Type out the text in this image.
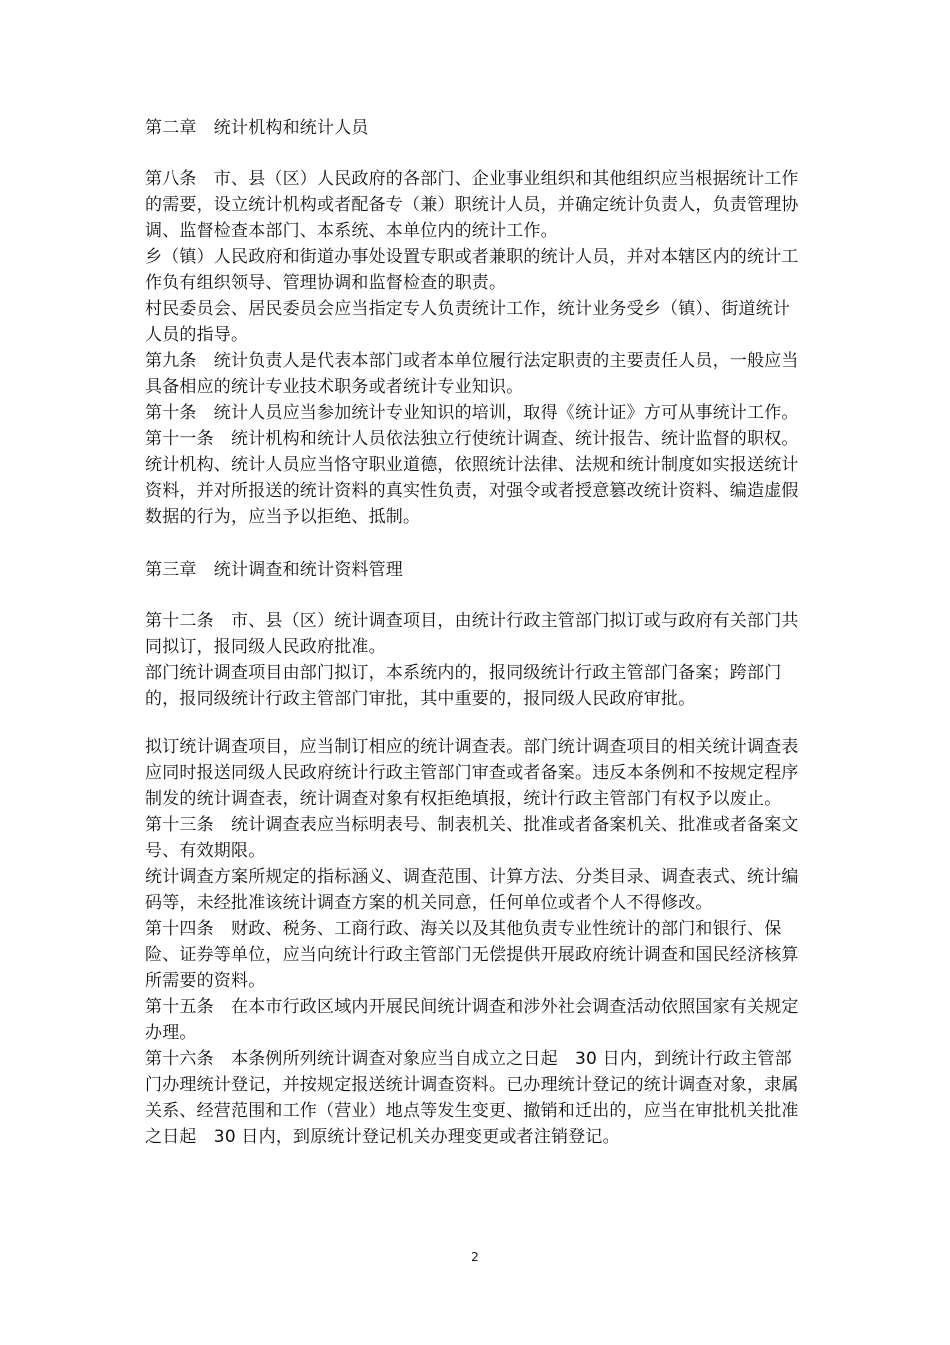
第二章　统计机构和统计人员

第八条　市、县（区）人民政府的各部门、企业事业组织和其他组织应当根据统计工作的需要，设立统计机构或者配备专（兼）职统计人员，并确定统计负责人，负责管理协调、监督检查本部门、本系统、本单位内的统计工作。

乡（镇）人民政府和街道办事处设置专职或者兼职的统计人员，并对本辖区内的统计工作负有组织领导、管理协调和监督检查的职责。

村民委员会、居民委员会应当指定专人负责统计工作，统计业务受乡（镇）、街道统计人员的指导。

第九条　统计负责人是代表本部门或者本单位履行法定职责的主要责任人员，一般应当具备相应的统计专业技术职务或者统计专业知识。

第十条　统计人员应当参加统计专业知识的培训，取得《统计证》方可从事统计工作。

第十一条　统计机构和统计人员依法独立行使统计调查、统计报告、统计监督的职权。

统计机构、统计人员应当恪守职业道德，依照统计法律、法规和统计制度如实报送统计资料，并对所报送的统计资料的真实性负责，对强令或者授意篡改统计资料、编造虚假数据的行为，应当予以拒绝、抵制。

第三章　统计调查和统计资料管理

第十二条　市、县（区）统计调查项目，由统计行政主管部门拟订或与政府有关部门共同拟订，报同级人民政府批准。

部门统计调查项目由部门拟订，本系统内的，报同级统计行政主管部门备案；跨部门的，报同级统计行政主管部门审批，其中重要的，报同级人民政府审批。

拟订统计调查项目，应当制订相应的统计调查表。部门统计调查项目的相关统计调查表应同时报送同级人民政府统计行政主管部门审查或者备案。违反本条例和不按规定程序制发的统计调查表，统计调查对象有权拒绝填报，统计行政主管部门有权予以废止。

第十三条　统计调查表应当标明表号、制表机关、批准或者备案机关、批准或者备案文号、有效期限。

统计调查方案所规定的指标涵义、调查范围、计算方法、分类目录、调查表式、统计编码等，未经批准该统计调查方案的机关同意，任何单位或者个人不得修改。

第十四条　财政、税务、工商行政、海关以及其他负责专业性统计的部门和银行、保险、证券等单位，应当向统计行政主管部门无偿提供开展政府统计调查和国民经济核算所需要的资料。

第十五条　在本市行政区域内开展民间统计调查和涉外社会调查活动依照国家有关规定办理。

第十六条　本条例所列统计调查对象应当自成立之日起　30 日内，到统计行政主管部门办理统计登记，并按规定报送统计调查资料。已办理统计登记的统计调查对象，隶属关系、经营范围和工作（营业）地点等发生变更、撤销和迁出的，应当在审批机关批准之日起　30 日内，到原统计登记机关办理变更或者注销登记。

2
